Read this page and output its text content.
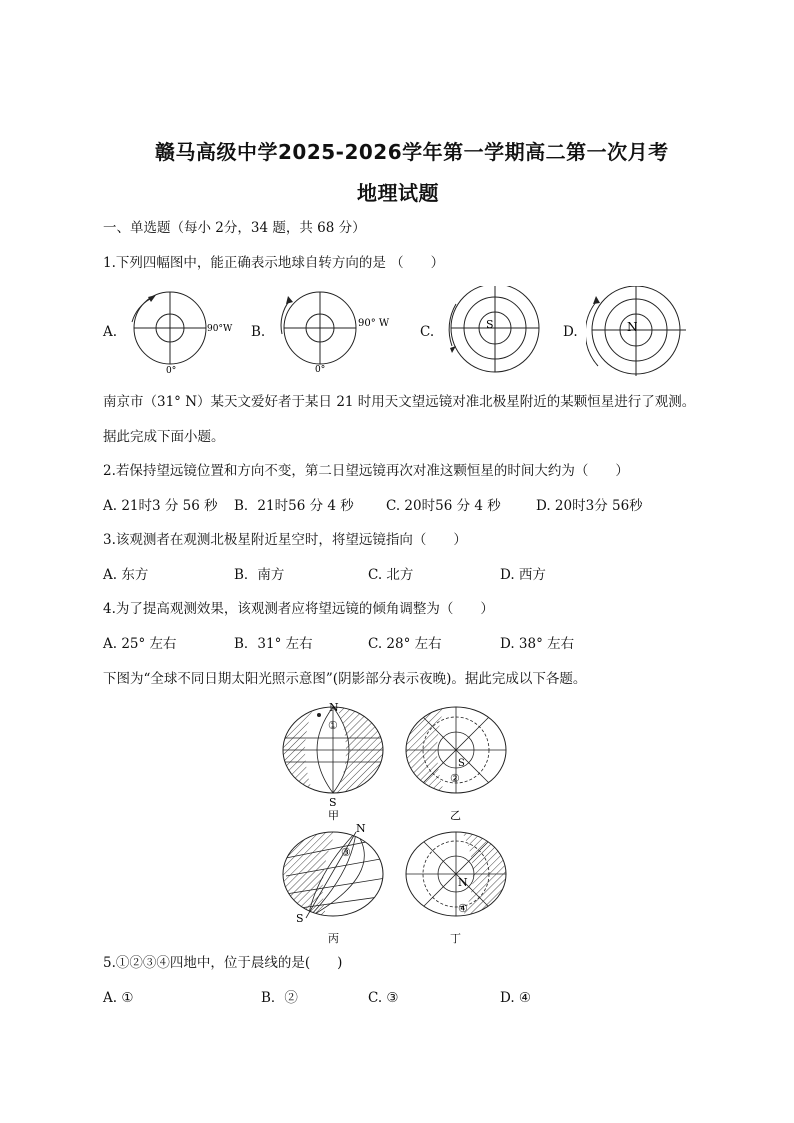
赣马高级中学2025-2026学年第一学期高二第一次月考
地理试题
一、单选题（每小 2分，34 题，共 68 分）
1.下列四幅图中，能正确表示地球自转方向的是 （　　）
A.	B.	C.	D.
90°W
0°
90° W
0°
S	N
南京市（31° N）某天文爱好者于某日 21 时用天文望远镜对准北极星附近的某颗恒星进行了观测。
据此完成下面小题。
2.若保持望远镜位置和方向不变，第二日望远镜再次对准这颗恒星的时间大约为（　　）
A. 21时3 分 56 秒 B．21时56 分 4 秒 C. 20时56 分 4 秒	D. 20时3分 56秒
3.该观测者在观测北极星附近星空时，将望远镜指向（　　）
A. 东方	B．南方	C. 北方	D. 西方
4.为了提高观测效果，该观测者应将望远镜的倾角调整为（　　）
A. 25° 左右	B．31° 左右	C. 28° 左右	D. 38° 左右
下图为“全球不同日期太阳光照示意图”(阴影部分表示夜晚)。据此完成以下各题。
N
S
①
甲
S
②
乙
N
S
③
丙
N
④
丁
5.①②③④四地中，位于晨线的是(　　)
A. ①	B．②	C. ③	D. ④
